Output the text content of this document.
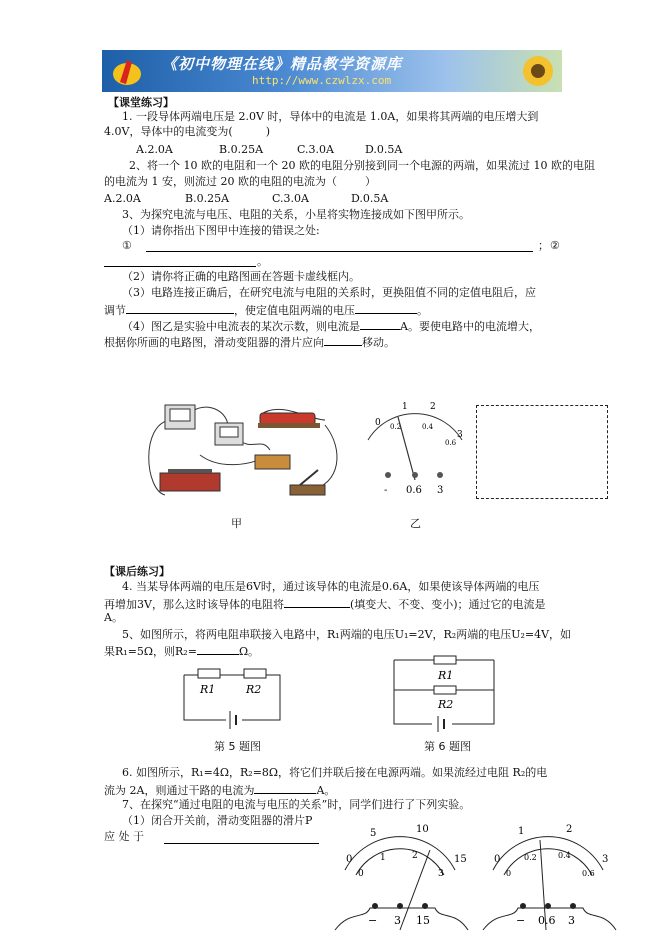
《初中物理在线》精品教学资源库
http://www.czwlzx.com
【课堂练习】
1. 一段导体两端电压是 2.0V 时，导体中的电流是 1.0A，如果将其两端的电压增大到
4.0V，导体中的电流变为(　　　)
A.2.0A	B.0.25A	C.3.0A	D.0.5A
2、将一个 10 欧的电阻和一个 20 欧的电阻分别接到同一个电源的两端，如果流过 10 欧的电阻
的电流为 1 安，则流过 20 欧的电阻的电流为（	）
A.2.0A	B.0.25A	C.3.0A	D.0.5A
3、为探究电流与电压、电阻的关系，小星将实物连接成如下图甲所示。
（1）请你指出下图甲中连接的错误之处:
①	； ②
。
（2）请你将正确的电路图画在答题卡虚线框内。
（3）电路连接正确后，在研究电流与电阻的关系时，更换阻值不同的定值电阻后，应
调节	，使定值电阻两端的电压	。
（4）图乙是实验中电流表的某次示数，则电流是	A。要使电路中的电流增大，
根据你所画的电路图，滑动变阻器的滑片应向	移动。
甲
0
1 2
3
0.2	0.4
0.6
- 0.6 3
乙
【课后练习】
4. 当某导体两端的电压是6V时，通过该导体的电流是0.6A，如果使该导体两端的电压
再增加3V，那么这时该导体的电阻将	(填变大、不变、变小)；通过它的电流是
A。
5、如图所示，将两电阻串联接入电路中，R₁两端的电压U₁=2V，R₂两端的电压U₂=4V，如
果R₁=5Ω，则R₂=	Ω。
R1	R2
第 5 题图
R1
R2
第 6 题图
6. 如图所示，R₁=4Ω，R₂=8Ω，将它们并联后接在电源两端。如果流经过电阻 R₂的电
流为 2A，则通过干路的电流为	A。
7、在探究“通过电阻的电流与电压的关系”时，同学们进行了下列实验。
（1）闭合开关前，滑动变阻器的滑片P
应 处 于
0
5	10
15
0
1	2
3
− 3 15
0
1	2
3
0
0.2	0.4
0.6
− 0.6 3
